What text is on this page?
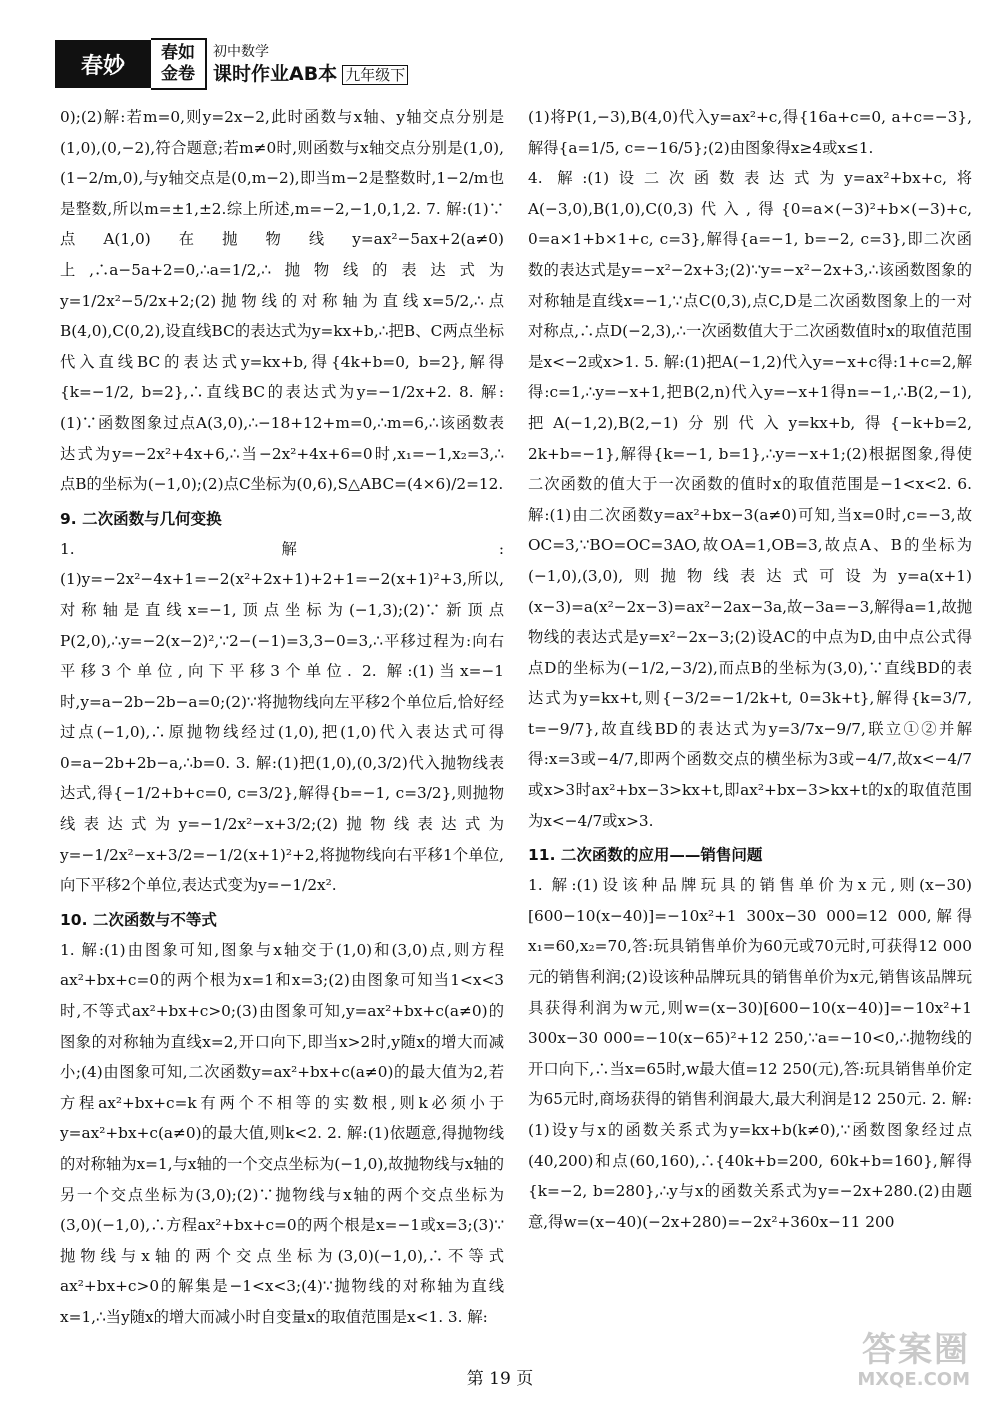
春妙
春如
金卷
初中数学
课时作业AB本 九年级下

0);(2)解:若m=0,则y=2x−2,此时函数与x轴、y轴交点分别是(1,0),(0,−2),符合题意;若m≠0时,则函数与x轴交点分别是(1,0),(1−2/m,0),与y轴交点是(0,m−2),即当m−2是整数时,1−2/m也是整数,所以m=±1,±2.综上所述,m=−2,−1,0,1,2. 7. 解:(1)∵点A(1,0)在抛物线y=ax²−5ax+2(a≠0)上,∴a−5a+2=0,∴a=1/2,∴抛物线的表达式为y=1/2x²−5/2x+2;(2)抛物线的对称轴为直线x=5/2,∴点B(4,0),C(0,2),设直线BC的表达式为y=kx+b,∴把B、C两点坐标代入直线BC的表达式y=kx+b,得{4k+b=0, b=2},解得{k=−1/2, b=2},∴直线BC的表达式为y=−1/2x+2. 8. 解:(1)∵函数图象过点A(3,0),∴−18+12+m=0,∴m=6,∴该函数表达式为y=−2x²+4x+6,∴当−2x²+4x+6=0时,x₁=−1,x₂=3,∴点B的坐标为(−1,0);(2)点C坐标为(0,6),S△ABC=(4×6)/2=12.

9. 二次函数与几何变换

1. 解:(1)y=−2x²−4x+1=−2(x²+2x+1)+2+1=−2(x+1)²+3,所以,对称轴是直线x=−1,顶点坐标为(−1,3);(2)∵新顶点P(2,0),∴y=−2(x−2)²,∵2−(−1)=3,3−0=3,∴平移过程为:向右平移3个单位,向下平移3个单位. 2. 解:(1)当x=−1时,y=a−2b−2b−a=0;(2)∵将抛物线向左平移2个单位后,恰好经过点(−1,0),∴原抛物线经过(1,0),把(1,0)代入表达式可得0=a−2b+2b−a,∴b=0. 3. 解:(1)把(1,0),(0,3/2)代入抛物线表达式,得{−1/2+b+c=0, c=3/2},解得{b=−1, c=3/2},则抛物线表达式为y=−1/2x²−x+3/2;(2)抛物线表达式为y=−1/2x²−x+3/2=−1/2(x+1)²+2,将抛物线向右平移1个单位,向下平移2个单位,表达式变为y=−1/2x².

10. 二次函数与不等式

1. 解:(1)由图象可知,图象与x轴交于(1,0)和(3,0)点,则方程ax²+bx+c=0的两个根为x=1和x=3;(2)由图象可知当1<x<3时,不等式ax²+bx+c>0;(3)由图象可知,y=ax²+bx+c(a≠0)的图象的对称轴为直线x=2,开口向下,即当x>2时,y随x的增大而减小;(4)由图象可知,二次函数y=ax²+bx+c(a≠0)的最大值为2,若方程ax²+bx+c=k有两个不相等的实数根,则k必须小于y=ax²+bx+c(a≠0)的最大值,则k<2. 2. 解:(1)依题意,得抛物线的对称轴为x=1,与x轴的一个交点坐标为(−1,0),故抛物线与x轴的另一个交点坐标为(3,0);(2)∵抛物线与x轴的两个交点坐标为(3,0)(−1,0),∴方程ax²+bx+c=0的两个根是x=−1或x=3;(3)∵抛物线与x轴的两个交点坐标为(3,0)(−1,0),∴不等式ax²+bx+c>0的解集是−1<x<3;(4)∵抛物线的对称轴为直线x=1,∴当y随x的增大而减小时自变量x的取值范围是x<1. 3. 解:

(1)将P(1,−3),B(4,0)代入y=ax²+c,得{16a+c=0, a+c=−3},解得{a=1/5, c=−16/5};(2)由图象得x≥4或x≤1.

4. 解:(1)设二次函数表达式为y=ax²+bx+c,将A(−3,0),B(1,0),C(0,3)代入,得{0=a×(−3)²+b×(−3)+c, 0=a×1+b×1+c, c=3},解得{a=−1, b=−2, c=3},即二次函数的表达式是y=−x²−2x+3;(2)∵y=−x²−2x+3,∴该函数图象的对称轴是直线x=−1,∵点C(0,3),点C,D是二次函数图象上的一对对称点,∴点D(−2,3),∴一次函数值大于二次函数值时x的取值范围是x<−2或x>1. 5. 解:(1)把A(−1,2)代入y=−x+c得:1+c=2,解得:c=1,∴y=−x+1,把B(2,n)代入y=−x+1得n=−1,∴B(2,−1),把A(−1,2),B(2,−1)分别代入y=kx+b,得{−k+b=2, 2k+b=−1},解得{k=−1, b=1},∴y=−x+1;(2)根据图象,得使二次函数的值大于一次函数的值时x的取值范围是−1<x<2. 6. 解:(1)由二次函数y=ax²+bx−3(a≠0)可知,当x=0时,c=−3,故OC=3,∵BO=OC=3AO,故OA=1,OB=3,故点A、B的坐标为(−1,0),(3,0),则抛物线表达式可设为y=a(x+1)(x−3)=a(x²−2x−3)=ax²−2ax−3a,故−3a=−3,解得a=1,故抛物线的表达式是y=x²−2x−3;(2)设AC的中点为D,由中点公式得点D的坐标为(−1/2,−3/2),而点B的坐标为(3,0),∵直线BD的表达式为y=kx+t,则{−3/2=−1/2k+t, 0=3k+t},解得{k=3/7, t=−9/7},故直线BD的表达式为y=3/7x−9/7,联立①②并解得:x=3或−4/7,即两个函数交点的横坐标为3或−4/7,故x<−4/7或x>3时ax²+bx−3>kx+t,即ax²+bx−3>kx+t的x的取值范围为x<−4/7或x>3.

11. 二次函数的应用——销售问题

1. 解:(1)设该种品牌玩具的销售单价为x元,则(x−30)[600−10(x−40)]=−10x²+1 300x−30 000=12 000,解得x₁=60,x₂=70,答:玩具销售单价为60元或70元时,可获得12 000元的销售利润;(2)设该种品牌玩具的销售单价为x元,销售该品牌玩具获得利润为w元,则w=(x−30)[600−10(x−40)]=−10x²+1 300x−30 000=−10(x−65)²+12 250,∵a=−10<0,∴抛物线的开口向下,∴当x=65时,w最大值=12 250(元),答:玩具销售单价定为65元时,商场获得的销售利润最大,最大利润是12 250元. 2. 解:(1)设y与x的函数关系式为y=kx+b(k≠0),∵函数图象经过点(40,200)和点(60,160),∴{40k+b=200, 60k+b=160},解得{k=−2, b=280},∴y与x的函数关系式为y=−2x+280.(2)由题意,得w=(x−40)(−2x+280)=−2x²+360x−11 200

第 19 页
答案圈
MXQE.COM
